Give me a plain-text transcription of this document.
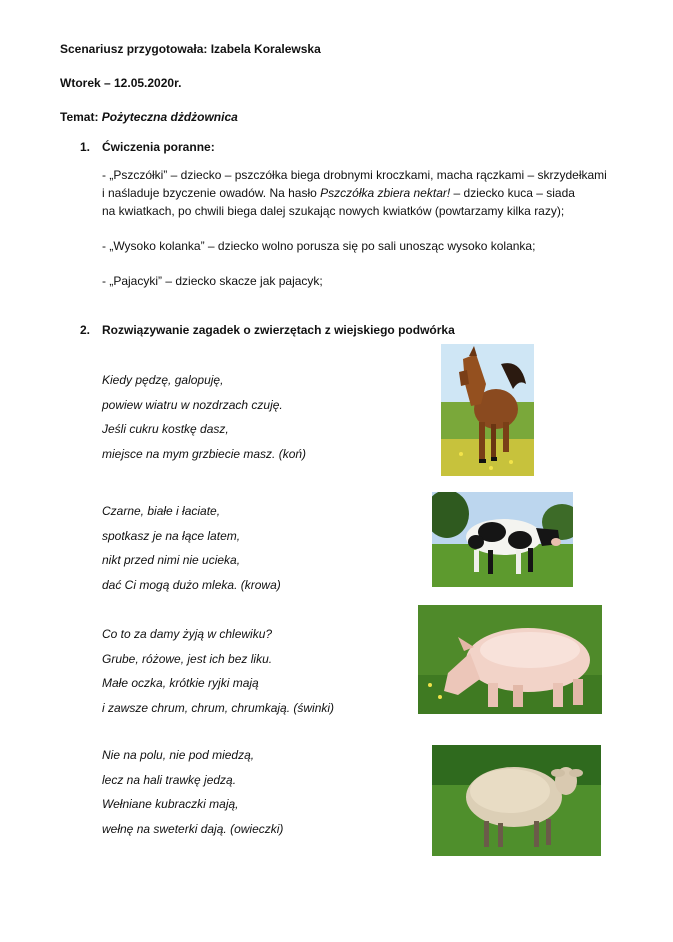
Scenariusz przygotowała: Izabela Koralewska
Wtorek – 12.05.2020r.
Temat: Pożyteczna dżdżownica
1. Ćwiczenia poranne:
- „Pszczółki” – dziecko – pszczółka biega drobnymi kroczkami, macha rączkami – skrzydełkami
i naśladuje bzyczenie owadów. Na hasło Pszczółka zbiera nektar! – dziecko kuca – siada
na kwiatkach, po chwili biega dalej szukając nowych kwiatków (powtarzamy kilka razy);
- „Wysoko kolanka” – dziecko wolno porusza się po sali unosząc wysoko kolanka;
- „Pajacyki” – dziecko skacze jak pajacyk;
2. Rozwiązywanie zagadek o zwierzętach z wiejskiego podwórka
Kiedy pędzę, galopuję,
powiew wiatru w nozdrzach czuję.
Jeśli cukru kostkę dasz,
miejsce na mym grzbiecie masz. (koń)
Czarne, białe i łaciate,
spotkasz je na łące latem,
nikt przed nimi nie ucieka,
dać Ci mogą dużo mleka. (krowa)
Co to za damy żyją w chlewiku?
Grube, różowe, jest ich bez liku.
Małe oczka, krótkie ryjki mają
i zawsze chrum, chrum, chrumkają. (świnki)
Nie na polu, nie pod miedzą,
lecz na hali trawkę jedzą.
Wełniane kubraczki mają,
wełnę na sweterki dają. (owieczki)
